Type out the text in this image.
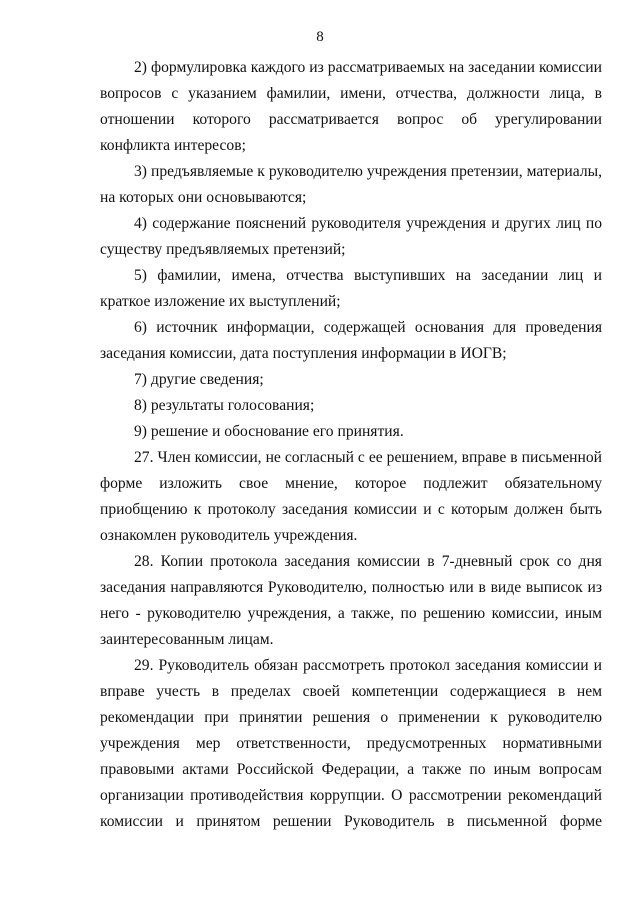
8

2) формулировка каждого из рассматриваемых на заседании комиссии вопросов с указанием фамилии, имени, отчества, должности лица, в отношении которого рассматривается вопрос об урегулировании конфликта интересов;

3) предъявляемые к руководителю учреждения претензии, материалы, на которых они основываются;

4) содержание пояснений руководителя учреждения и других лиц по существу предъявляемых претензий;

5) фамилии, имена, отчества выступивших на заседании лиц и краткое изложение их выступлений;

6) источник информации, содержащей основания для проведения заседания комиссии, дата поступления информации в ИОГВ;

7) другие сведения;

8) результаты голосования;

9) решение и обоснование его принятия.

27. Член комиссии, не согласный с ее решением, вправе в письменной форме изложить свое мнение, которое подлежит обязательному приобщению к протоколу заседания комиссии и с которым должен быть ознакомлен руководитель учреждения.

28. Копии протокола заседания комиссии в 7-дневный срок со дня заседания направляются Руководителю, полностью или в виде выписок из него - руководителю учреждения, а также, по решению комиссии, иным заинтересованным лицам.

29. Руководитель обязан рассмотреть протокол заседания комиссии и вправе учесть в пределах своей компетенции содержащиеся в нем рекомендации при принятии решения о применении к руководителю учреждения мер ответственности, предусмотренных нормативными правовыми актами Российской Федерации, а также по иным вопросам организации противодействия коррупции. О рассмотрении рекомендаций комиссии и принятом решении Руководитель в письменной форме
